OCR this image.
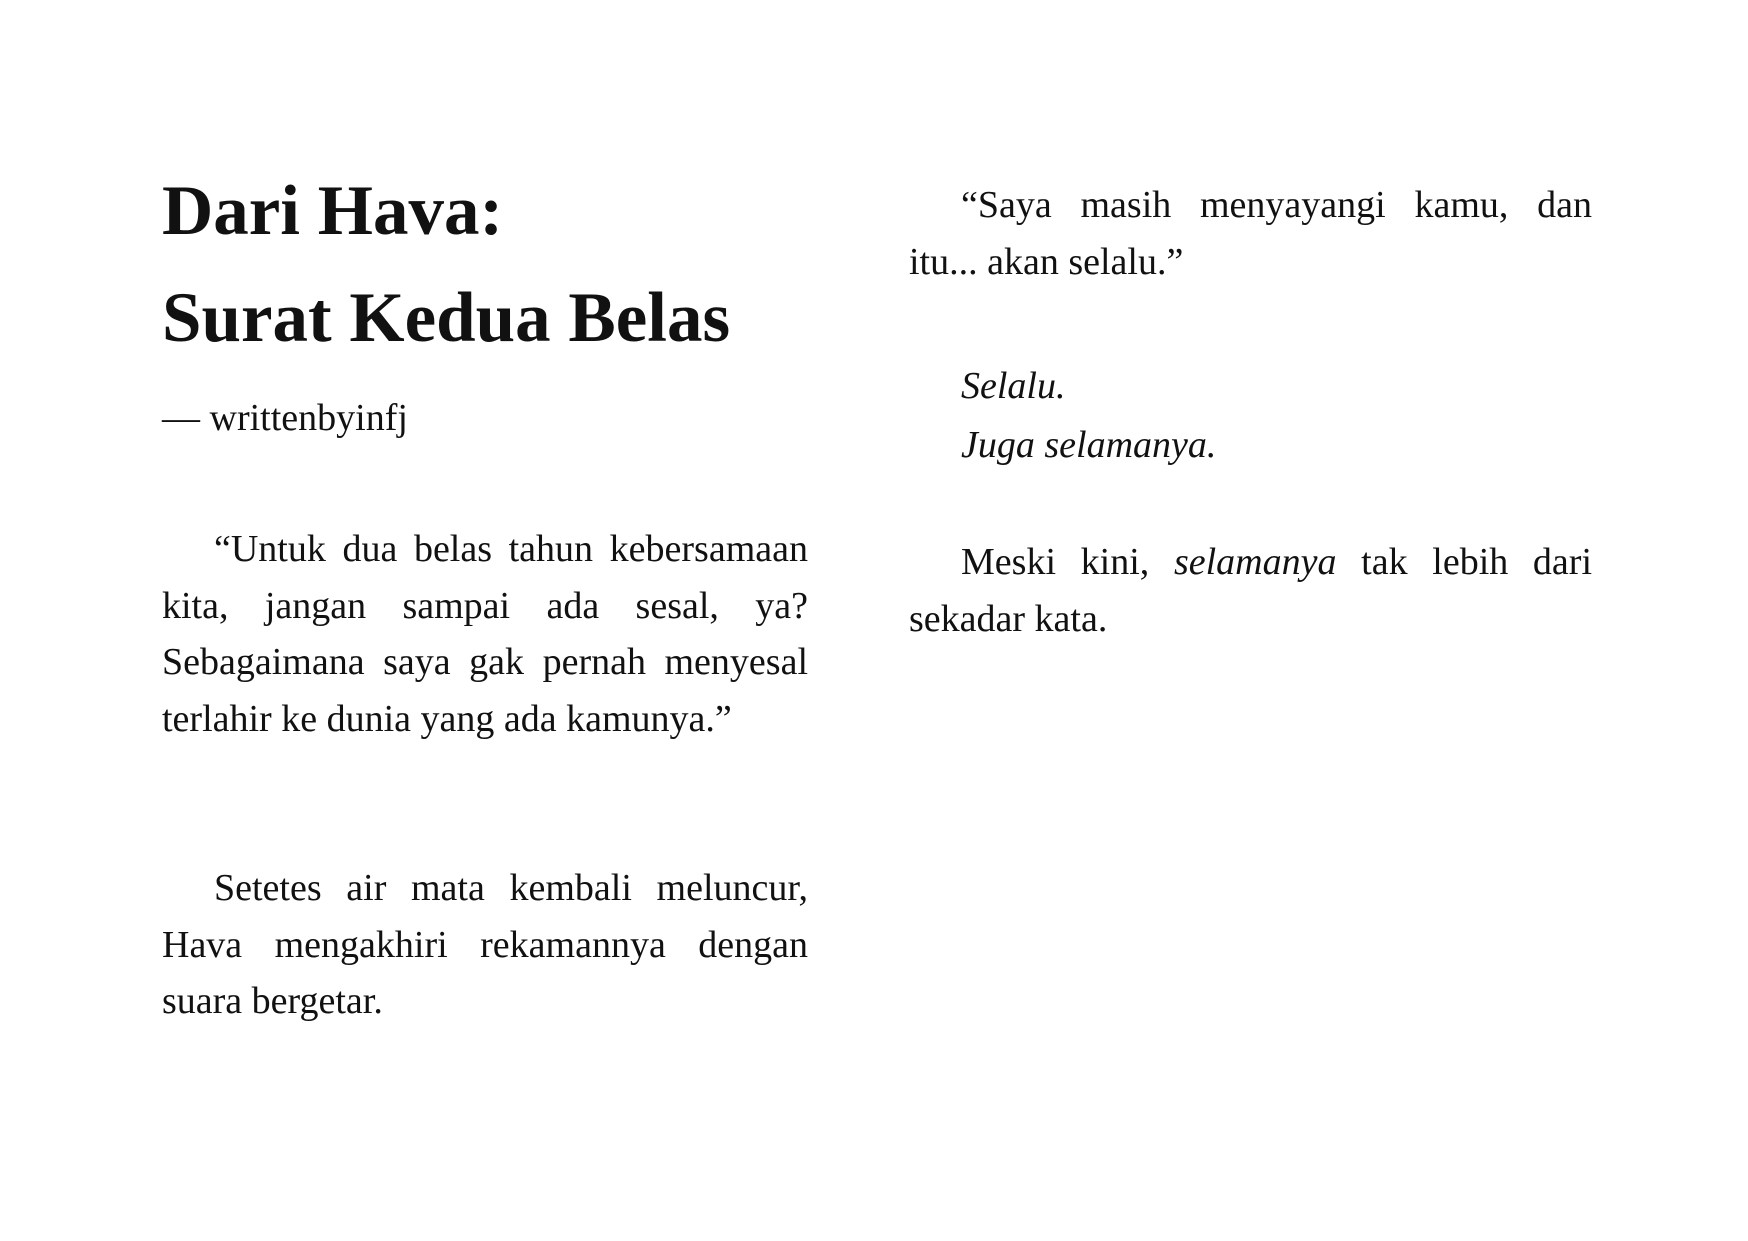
Dari Hava:
Surat Kedua Belas
— writtenbyinfj

“Untuk dua belas tahun kebersamaan kita, jangan sampai ada sesal, ya? Sebagaimana saya gak pernah menyesal terlahir ke dunia yang ada kamunya.”

Setetes air mata kembali meluncur, Hava mengakhiri rekamannya dengan suara bergetar.

“Saya masih menyayangi kamu, dan itu... akan selalu.”

Selalu.
Juga selamanya.

Meski kini, selamanya tak lebih dari sekadar kata.
